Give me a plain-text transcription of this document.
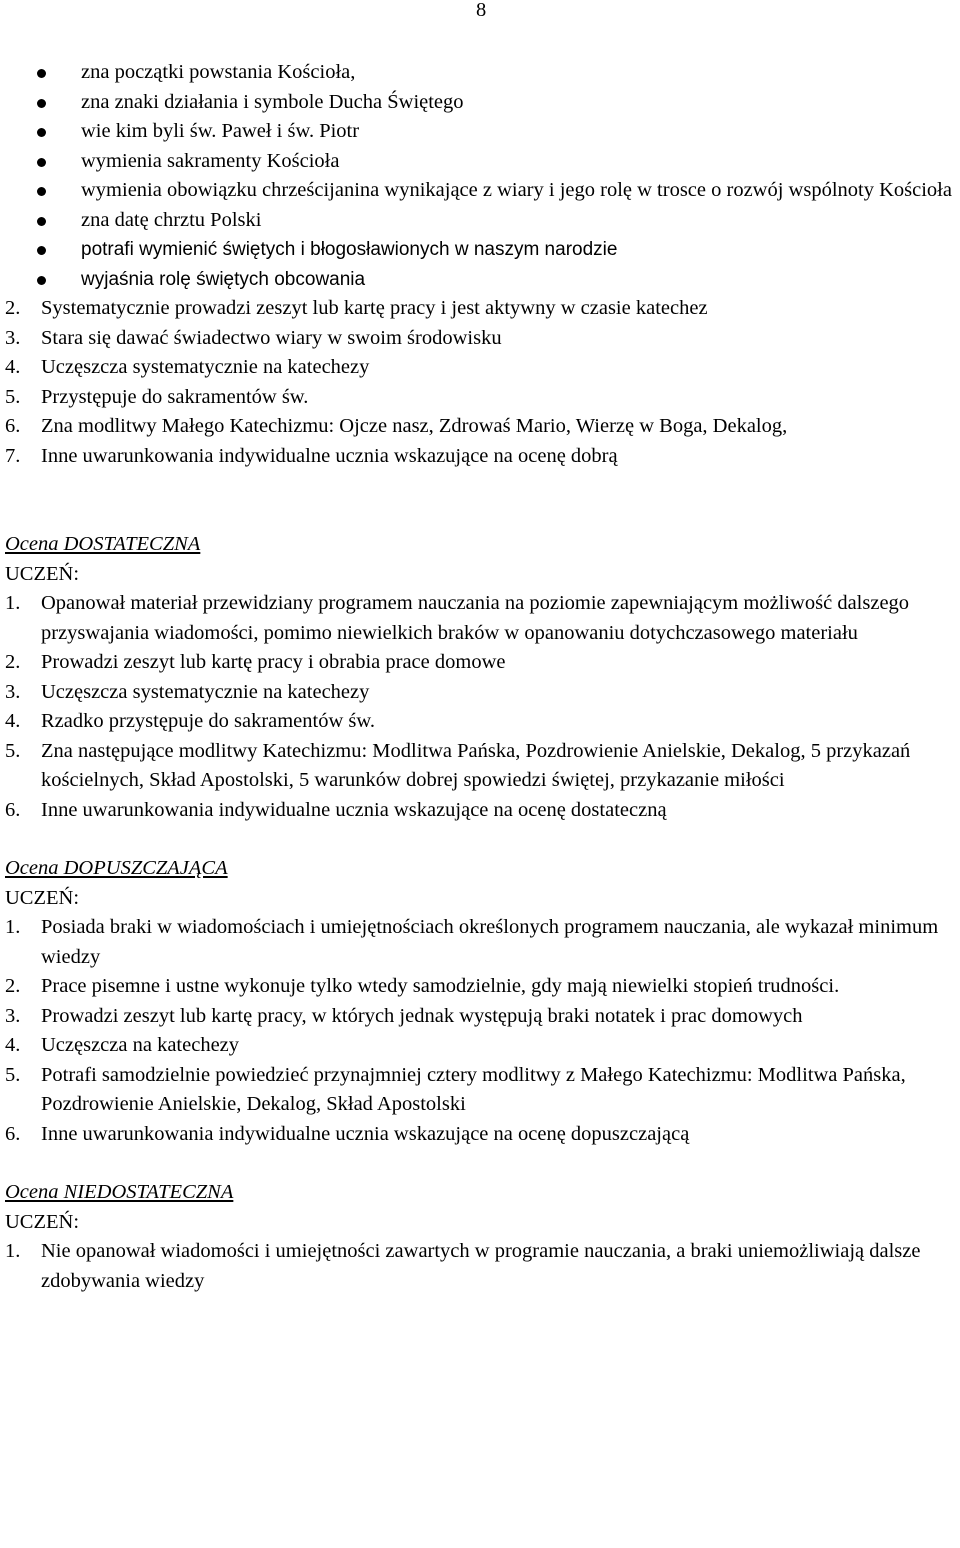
8
zna początki powstania Kościoła,
zna znaki działania i symbole Ducha Świętego
wie kim byli św. Paweł i św. Piotr
wymienia sakramenty Kościoła
wymienia obowiązku chrześcijanina wynikające z wiary i jego rolę w trosce o rozwój wspólnoty Kościoła
zna datę chrztu Polski
potrafi wymienić świętych i błogosławionych w naszym narodzie
wyjaśnia rolę świętych obcowania
2. Systematycznie prowadzi zeszyt lub kartę pracy i jest aktywny w czasie katechez
3. Stara się dawać świadectwo wiary w swoim środowisku
4. Uczęszcza systematycznie na katechezy
5. Przystępuje do sakramentów św.
6. Zna modlitwy Małego Katechizmu: Ojcze nasz, Zdrowaś Mario, Wierzę w Boga, Dekalog,
7. Inne uwarunkowania indywidualne ucznia wskazujące na ocenę dobrą
Ocena DOSTATECZNA

UCZEŃ:

1. Opanował materiał przewidziany programem nauczania na poziomie zapewniającym możliwość dalszego przyswajania wiadomości, pomimo niewielkich braków w opanowaniu dotychczasowego materiału
2. Prowadzi zeszyt lub kartę pracy i obrabia prace domowe
3. Uczęszcza systematycznie na katechezy
4. Rzadko przystępuje do sakramentów św.
5. Zna następujące modlitwy Katechizmu: Modlitwa Pańska, Pozdrowienie Anielskie, Dekalog, 5 przykazań kościelnych, Skład Apostolski, 5 warunków dobrej spowiedzi świętej, przykazanie miłości
6. Inne uwarunkowania indywidualne ucznia wskazujące na ocenę dostateczną
Ocena DOPUSZCZAJĄCA

UCZEŃ:

1. Posiada braki w wiadomościach i umiejętnościach określonych programem nauczania, ale wykazał minimum wiedzy
2. Prace pisemne i ustne wykonuje tylko wtedy samodzielnie, gdy mają niewielki stopień trudności.
3. Prowadzi zeszyt lub kartę pracy, w których jednak występują braki notatek i prac domowych
4. Uczęszcza na katechezy
5. Potrafi samodzielnie powiedzieć przynajmniej cztery modlitwy z Małego Katechizmu: Modlitwa Pańska, Pozdrowienie Anielskie, Dekalog, Skład Apostolski
6. Inne uwarunkowania indywidualne ucznia wskazujące na ocenę dopuszczającą
Ocena NIEDOSTATECZNA

UCZEŃ:

1. Nie opanował wiadomości i umiejętności zawartych w programie nauczania, a braki uniemożliwiają dalsze zdobywania wiedzy
